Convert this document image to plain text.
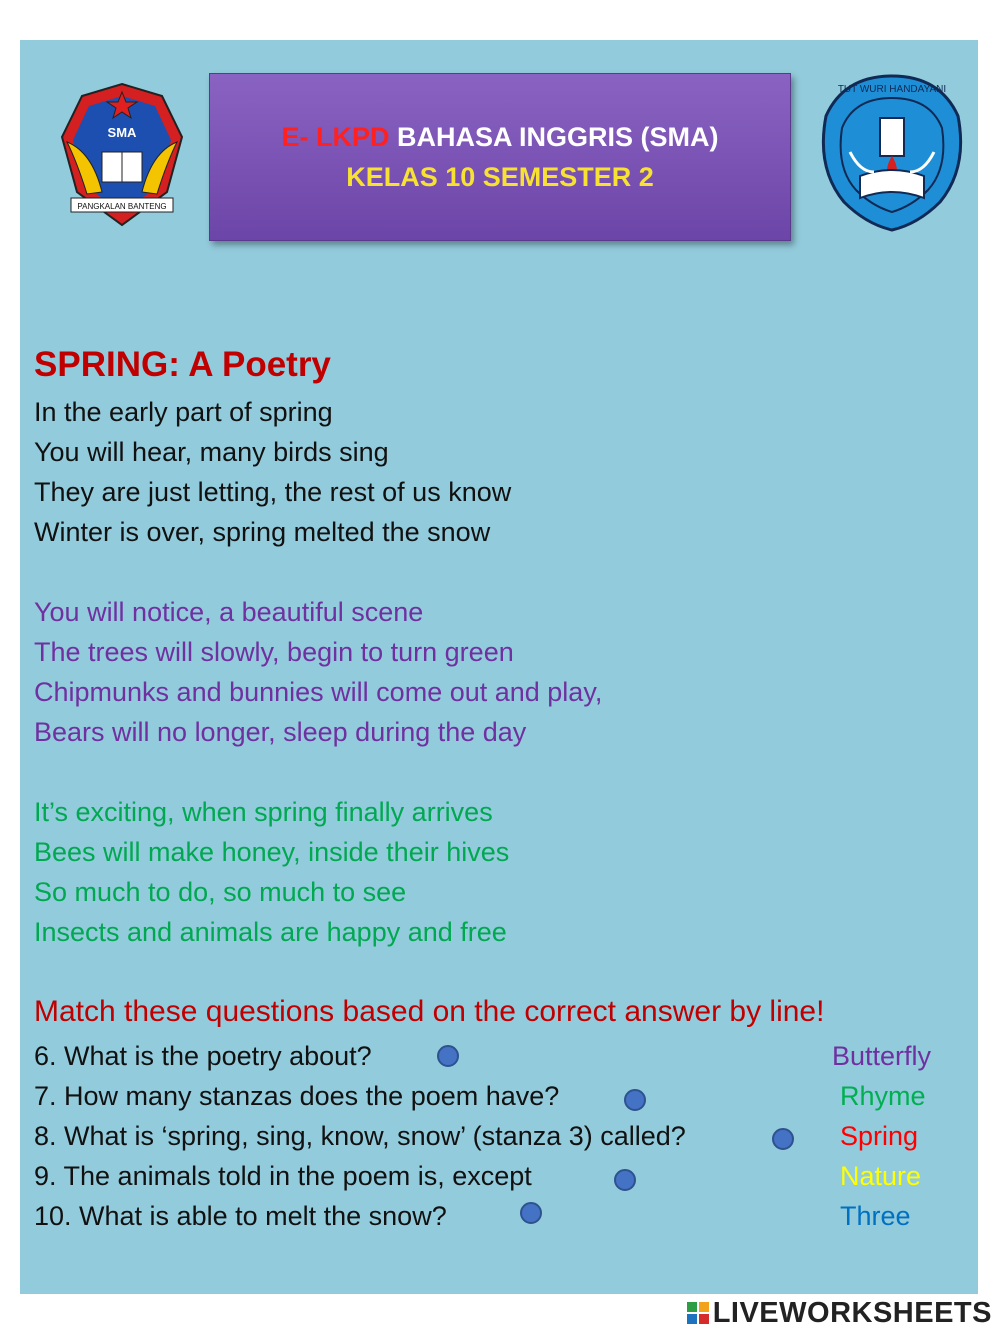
SMA
PANGKALAN BANTENG
E- LKPD BAHASA INGGRIS (SMA)
KELAS 10 SEMESTER 2
TUT WURI HANDAYANI
SPRING: A Poetry
In the early part of spring
You will hear, many birds sing
They are just letting, the rest of us know
Winter is over, spring melted the snow
You will notice, a beautiful scene
The trees will slowly, begin to turn green
Chipmunks and bunnies will come out and play,
Bears will no longer, sleep during the day
It’s exciting, when spring finally arrives
Bees will make honey, inside their hives
So much to do, so much to see
Insects and animals are happy and free
Match these questions based on the correct answer by line!
6. What is the poetry about?
7. How many stanzas does the poem have?
8. What is ‘spring, sing, know, snow’ (stanza 3) called?
9. The animals told in the poem is, except
10. What is able to melt the snow?
Butterfly
Rhyme
Spring
Nature
Three
LIVEWORKSHEETS
